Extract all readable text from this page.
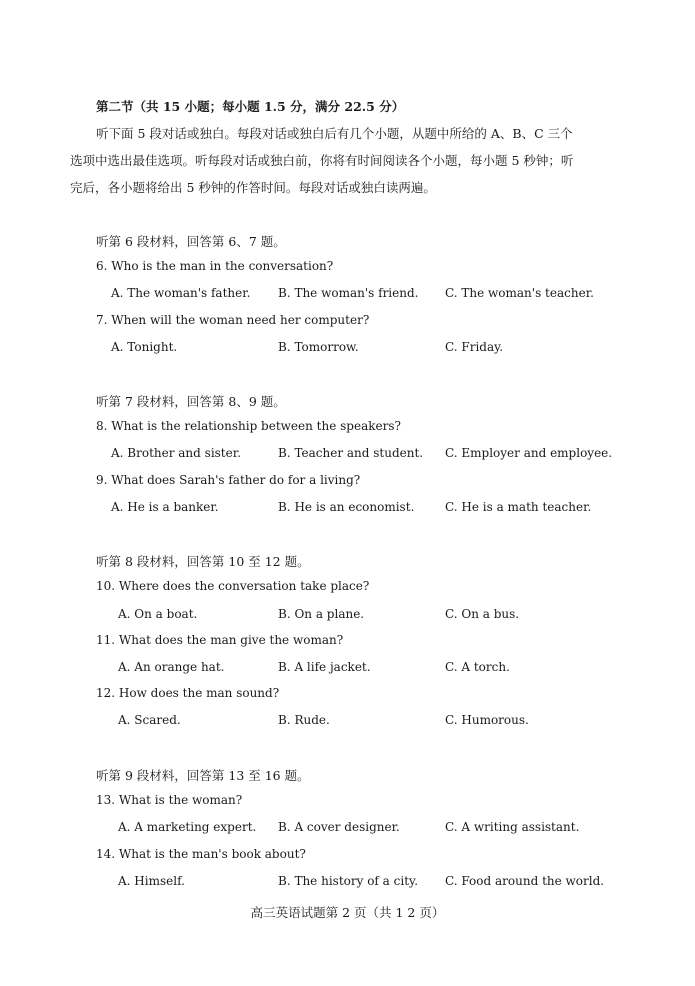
第二节（共 15 小题；每小题 1.5 分，满分 22.5 分）
听下面 5 段对话或独白。每段对话或独白后有几个小题，从题中所给的 A、B、C 三个
选项中选出最佳选项。听每段对话或独白前，你将有时间阅读各个小题，每小题 5 秒钟；听
完后，各小题将给出 5 秒钟的作答时间。每段对话或独白读两遍。
听第 6 段材料，回答第 6、7 题。
6. Who is the man in the conversation?
A. The woman's father. B. The woman's friend. C. The woman's teacher.
7. When will the woman need her computer?
A. Tonight.	B. Tomorrow.	C. Friday.
听第 7 段材料，回答第 8、9 题。
8. What is the relationship between the speakers?
A. Brother and sister.	B. Teacher and student. C. Employer and employee.
9. What does Sarah's father do for a living?
A. He is a banker.	B. He is an economist.	C. He is a math teacher.
听第 8 段材料，回答第 10 至 12 题。
10. Where does the conversation take place?
A. On a boat.	B. On a plane.	C. On a bus.
11. What does the man give the woman?
A. An orange hat.	B. A life jacket.	C. A torch.
12. How does the man sound?
A. Scared.	B. Rude.	C. Humorous.
听第 9 段材料，回答第 13 至 16 题。
13. What is the woman?
A. A marketing expert. B. A cover designer.	C. A writing assistant.
14. What is the man's book about?
A. Himself.	B. The history of a city. C. Food around the world.
高三英语试题第 2 页（共 1 2 页）
